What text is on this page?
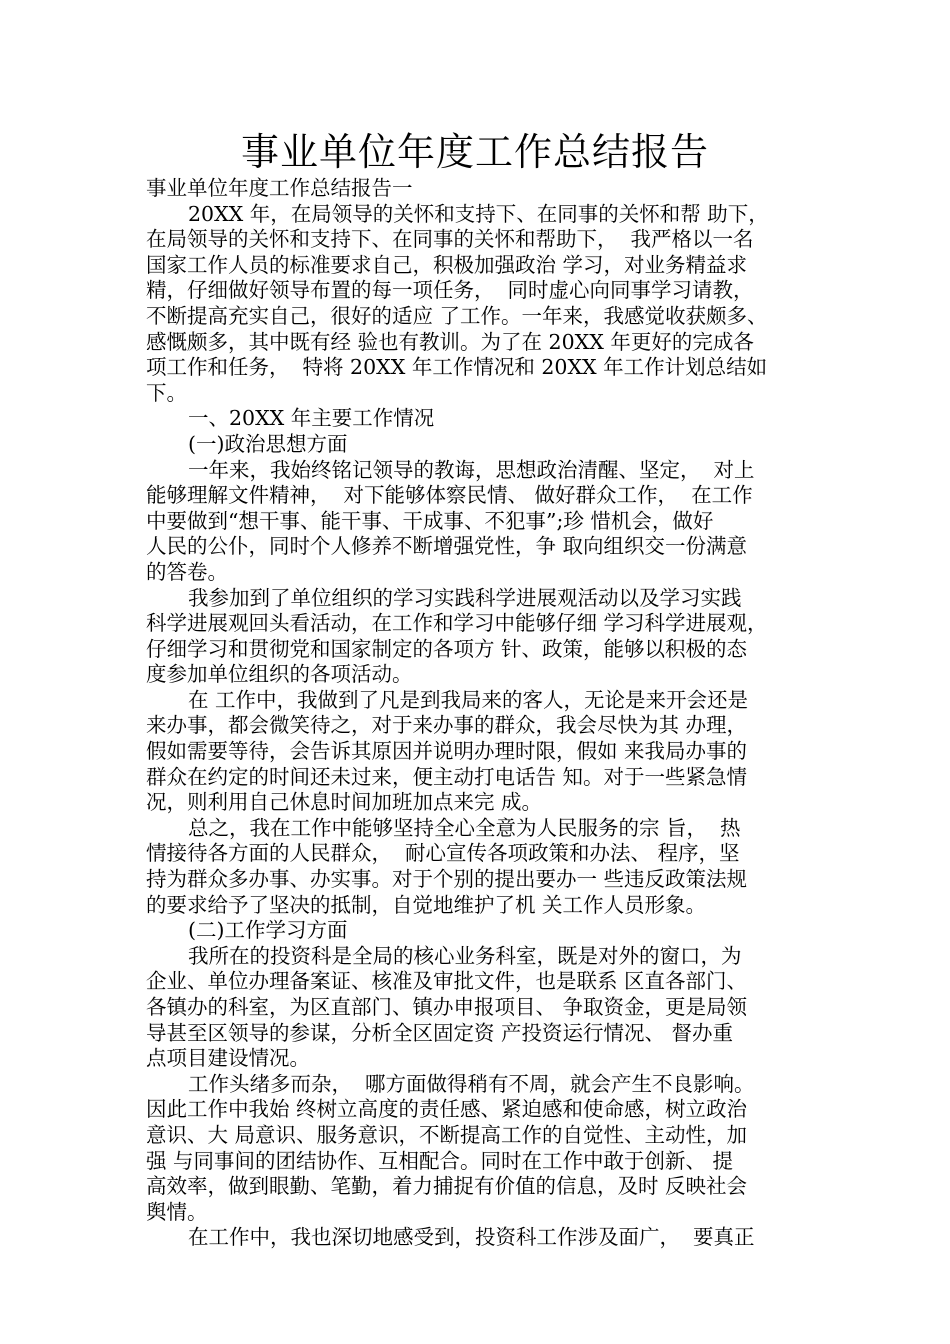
事业单位年度工作总结报告
事业单位年度工作总结报告一
20XX 年，在局领导的关怀和支持下、在同事的关怀和帮 助下，
在局领导的关怀和支持下、在同事的关怀和帮助下，  我严格以一名
国家工作人员的标准要求自己，积极加强政治 学习，对业务精益求
精，仔细做好领导布置的每一项任务，  同时虚心向同事学习请教，
不断提高充实自己，很好的适应 了工作。一年来，我感觉收获颇多、
感慨颇多，其中既有经 验也有教训。为了在 20XX 年更好的完成各
项工作和任务，  特将 20XX 年工作情况和 20XX 年工作计划总结如
下。
一、20XX 年主要工作情况
(一)政治思想方面
一年来，我始终铭记领导的教诲，思想政治清醒、坚定，  对上
能够理解文件精神，  对下能够体察民情、 做好群众工作，  在工作
中要做到“想干事、能干事、干成事、不犯事”;珍 惜机会，做好
人民的公仆，同时个人修养不断增强党性，争 取向组织交一份满意
的答卷。
我参加到了单位组织的学习实践科学进展观活动以及学习实践
科学进展观回头看活动，在工作和学习中能够仔细 学习科学进展观，
仔细学习和贯彻党和国家制定的各项方 针、政策，能够以积极的态
度参加单位组织的各项活动。
在 工作中，我做到了凡是到我局来的客人，无论是来开会还是
来办事，都会微笑待之，对于来办事的群众，我会尽快为其 办理，
假如需要等待，会告诉其原因并说明办理时限，假如 来我局办事的
群众在约定的时间还未过来，便主动打电话告 知。对于一些紧急情
况，则利用自己休息时间加班加点来完 成。
总之，我在工作中能够坚持全心全意为人民服务的宗 旨，  热
情接待各方面的人民群众，  耐心宣传各项政策和办法、 程序，坚
持为群众多办事、办实事。对于个别的提出要办一 些违反政策法规
的要求给予了坚决的抵制，自觉地维护了机 关工作人员形象。
(二)工作学习方面
我所在的投资科是全局的核心业务科室，既是对外的窗口，为
企业、单位办理备案证、核准及审批文件，也是联系 区直各部门、
各镇办的科室，为区直部门、镇办申报项目、 争取资金，更是局领
导甚至区领导的参谋，分析全区固定资 产投资运行情况、 督办重
点项目建设情况。
工作头绪多而杂，  哪方面做得稍有不周，就会产生不良影响。
因此工作中我始 终树立高度的责任感、紧迫感和使命感，树立政治
意识、大 局意识、服务意识，不断提高工作的自觉性、主动性，加
强 与同事间的团结协作、互相配合。同时在工作中敢于创新、 提
高效率，做到眼勤、笔勤，着力捕捉有价值的信息，及时 反映社会
舆情。
在工作中，我也深切地感受到，投资科工作涉及面广，  要真正
